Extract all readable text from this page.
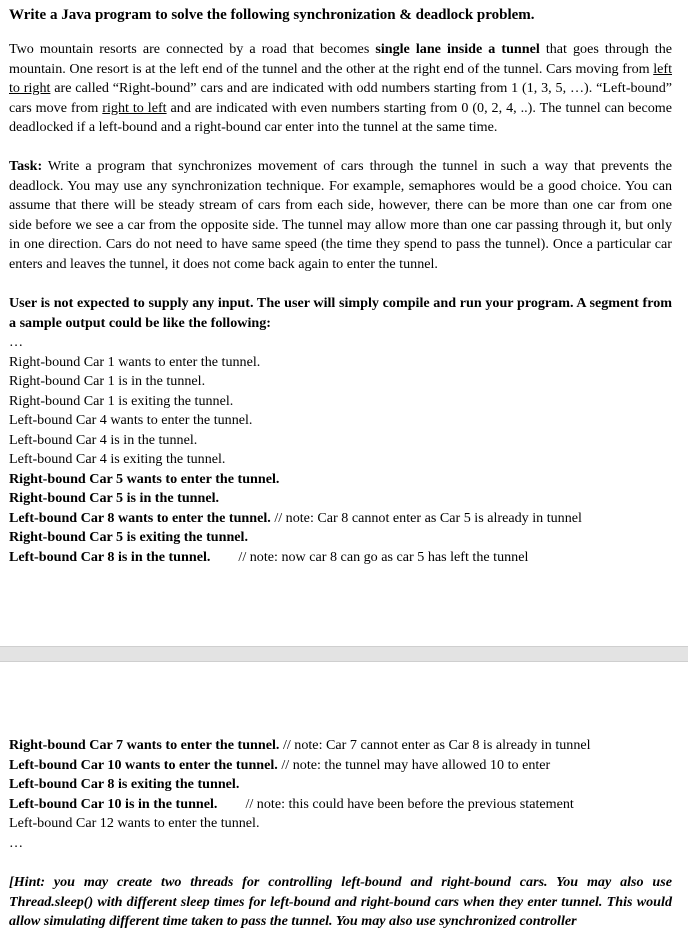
Write a Java program to solve the following synchronization & deadlock problem.

Two mountain resorts are connected by a road that becomes single lane inside a tunnel that goes through the mountain. One resort is at the left end of the tunnel and the other at the right end of the tunnel. Cars moving from left to right are called “Right-bound” cars and are indicated with odd numbers starting from 1 (1, 3, 5, …). “Left-bound” cars move from right to left and are indicated with even numbers starting from 0 (0, 2, 4, ..). The tunnel can become deadlocked if a left-bound and a right-bound car enter into the tunnel at the same time.

Task: Write a program that synchronizes movement of cars through the tunnel in such a way that prevents the deadlock. You may use any synchronization technique. For example, semaphores would be a good choice. You can assume that there will be steady stream of cars from each side, however, there can be more than one car from one side before we see a car from the opposite side. The tunnel may allow more than one car passing through it, but only in one direction. Cars do not need to have same speed (the time they spend to pass the tunnel). Once a particular car enters and leaves the tunnel, it does not come back again to enter the tunnel.

User is not expected to supply any input. The user will simply compile and run your program. A segment from a sample output could be like the following:

…
Right-bound Car 1 wants to enter the tunnel.
Right-bound Car 1 is in the tunnel.
Right-bound Car 1 is exiting the tunnel.
Left-bound Car 4 wants to enter the tunnel.
Left-bound Car 4 is in the tunnel.
Left-bound Car 4 is exiting the tunnel.
Right-bound Car 5 wants to enter the tunnel.
Right-bound Car 5 is in the tunnel.
Left-bound Car 8 wants to enter the tunnel. // note: Car 8 cannot enter as Car 5 is already in tunnel
Right-bound Car 5 is exiting the tunnel.
Left-bound Car 8 is in the tunnel. // note: now car 8 can go as car 5 has left the tunnel
Right-bound Car 7 wants to enter the tunnel. // note: Car 7 cannot enter as Car 8 is already in tunnel
Left-bound Car 10 wants to enter the tunnel. // note: the tunnel may have allowed 10 to enter
Left-bound Car 8 is exiting the tunnel.
Left-bound Car 10 is in the tunnel. // note: this could have been before the previous statement
Left-bound Car 12 wants to enter the tunnel.
…

[Hint: you may create two threads for controlling left-bound and right-bound cars. You may also use Thread.sleep() with different sleep times for left-bound and right-bound cars when they enter tunnel. This would allow simulating different time taken to pass the tunnel. You may also use synchronized controller
